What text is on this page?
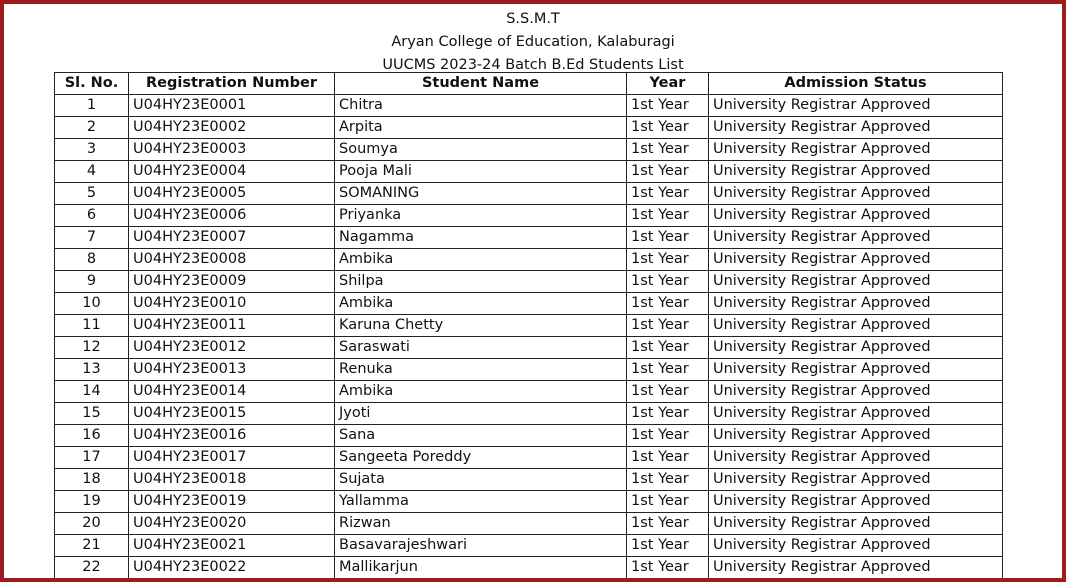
S.S.M.T
Aryan College of Education, Kalaburagi
UUCMS 2023-24 Batch B.Ed Students List
Sl. No.	Registration Number	Student Name	Year	Admission Status
1	U04HY23E0001	Chitra	1st Year	University Registrar Approved
2	U04HY23E0002	Arpita	1st Year	University Registrar Approved
3	U04HY23E0003	Soumya	1st Year	University Registrar Approved
4	U04HY23E0004	Pooja Mali	1st Year	University Registrar Approved
5	U04HY23E0005	SOMANING	1st Year	University Registrar Approved
6	U04HY23E0006	Priyanka	1st Year	University Registrar Approved
7	U04HY23E0007	Nagamma	1st Year	University Registrar Approved
8	U04HY23E0008	Ambika	1st Year	University Registrar Approved
9	U04HY23E0009	Shilpa	1st Year	University Registrar Approved
10	U04HY23E0010	Ambika	1st Year	University Registrar Approved
11	U04HY23E0011	Karuna Chetty	1st Year	University Registrar Approved
12	U04HY23E0012	Saraswati	1st Year	University Registrar Approved
13	U04HY23E0013	Renuka	1st Year	University Registrar Approved
14	U04HY23E0014	Ambika	1st Year	University Registrar Approved
15	U04HY23E0015	Jyoti	1st Year	University Registrar Approved
16	U04HY23E0016	Sana	1st Year	University Registrar Approved
17	U04HY23E0017	Sangeeta Poreddy	1st Year	University Registrar Approved
18	U04HY23E0018	Sujata	1st Year	University Registrar Approved
19	U04HY23E0019	Yallamma	1st Year	University Registrar Approved
20	U04HY23E0020	Rizwan	1st Year	University Registrar Approved
21	U04HY23E0021	Basavarajeshwari	1st Year	University Registrar Approved
22	U04HY23E0022	Mallikarjun	1st Year	University Registrar Approved
